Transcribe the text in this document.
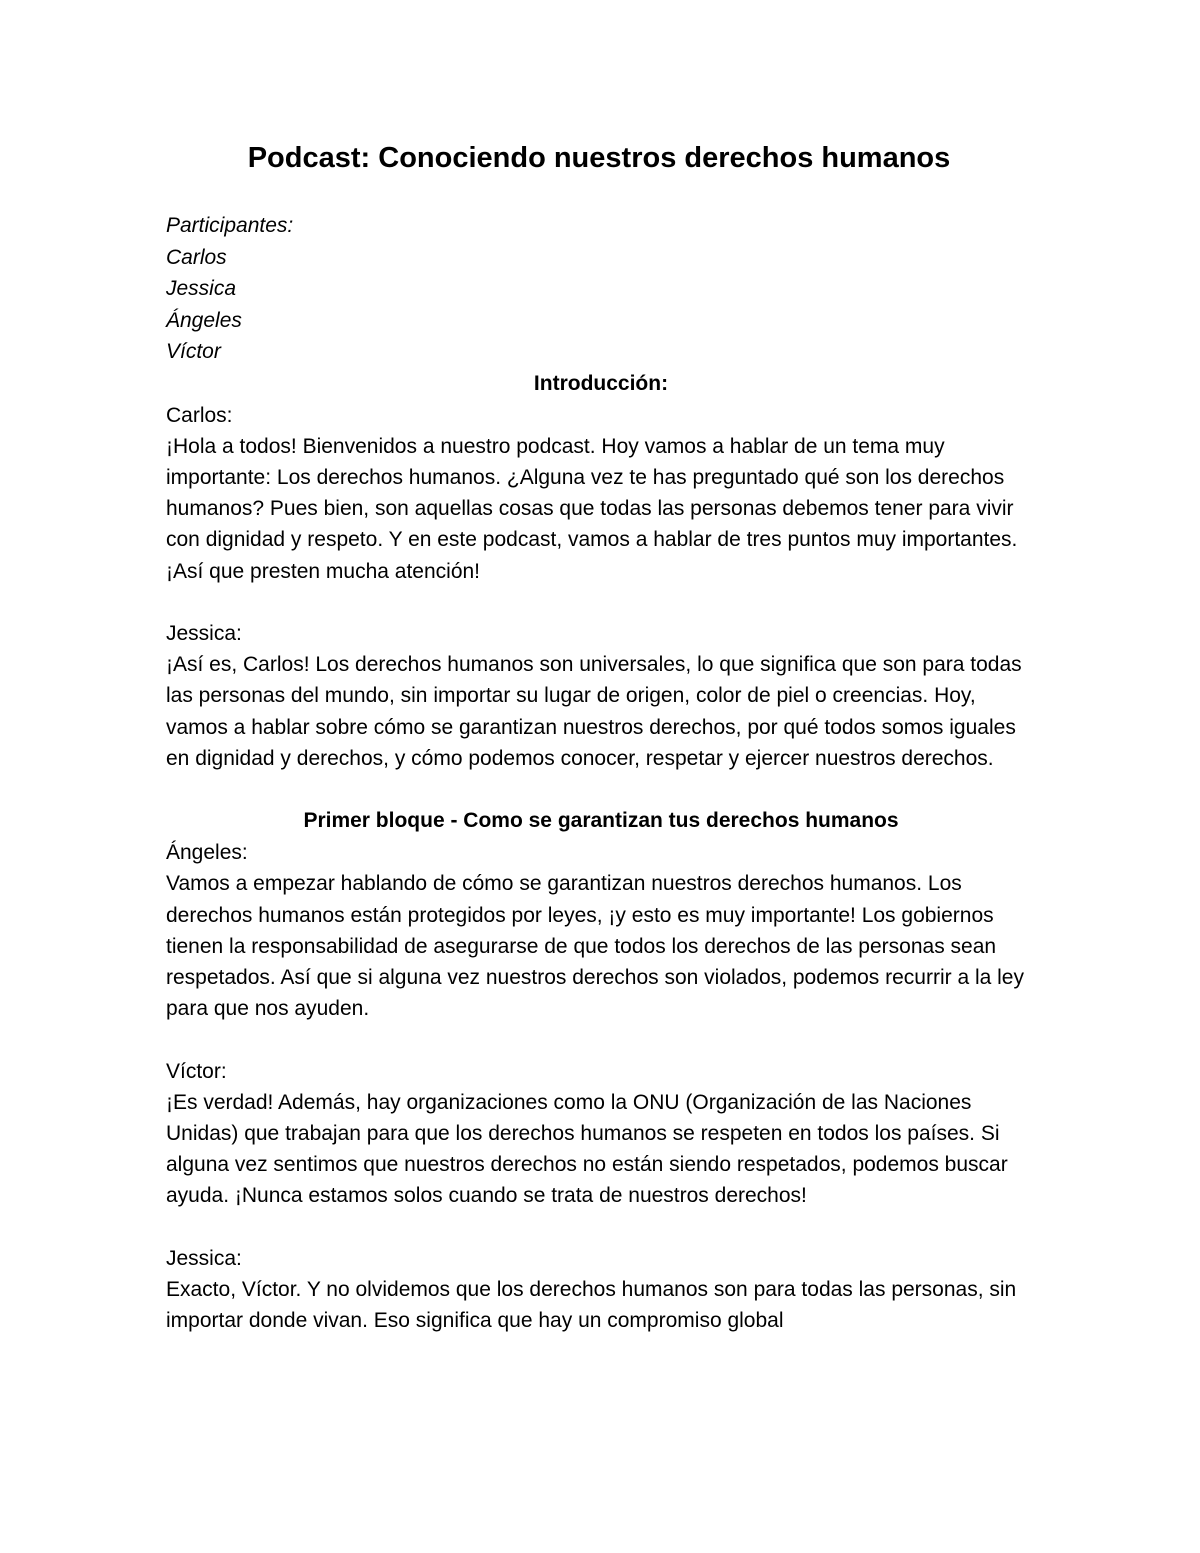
Podcast: Conociendo nuestros derechos humanos
Participantes:
Carlos
Jessica
Ángeles
Víctor
Introducción:
Carlos:

¡Hola a todos! Bienvenidos a nuestro podcast. Hoy vamos a hablar de un tema muy importante: Los derechos humanos. ¿Alguna vez te has preguntado qué son los derechos humanos? Pues bien, son aquellas cosas que todas las personas debemos tener para vivir con dignidad y respeto. Y en este podcast, vamos a hablar de tres puntos muy importantes. ¡Así que presten mucha atención!

Jessica:

¡Así es, Carlos! Los derechos humanos son universales, lo que significa que son para todas las personas del mundo, sin importar su lugar de origen, color de piel o creencias. Hoy, vamos a hablar sobre cómo se garantizan nuestros derechos, por qué todos somos iguales en dignidad y derechos, y cómo podemos conocer, respetar y ejercer nuestros derechos.

Primer bloque - Como se garantizan tus derechos humanos
Ángeles:

Vamos a empezar hablando de cómo se garantizan nuestros derechos humanos. Los derechos humanos están protegidos por leyes, ¡y esto es muy importante! Los gobiernos tienen la responsabilidad de asegurarse de que todos los derechos de las personas sean respetados. Así que si alguna vez nuestros derechos son violados, podemos recurrir a la ley para que nos ayuden.

Víctor:

¡Es verdad! Además, hay organizaciones como la ONU (Organización de las Naciones Unidas) que trabajan para que los derechos humanos se respeten en todos los países. Si alguna vez sentimos que nuestros derechos no están siendo respetados, podemos buscar ayuda. ¡Nunca estamos solos cuando se trata de nuestros derechos!

Jessica:

Exacto, Víctor. Y no olvidemos que los derechos humanos son para todas las personas, sin importar donde vivan. Eso significa que hay un compromiso global
